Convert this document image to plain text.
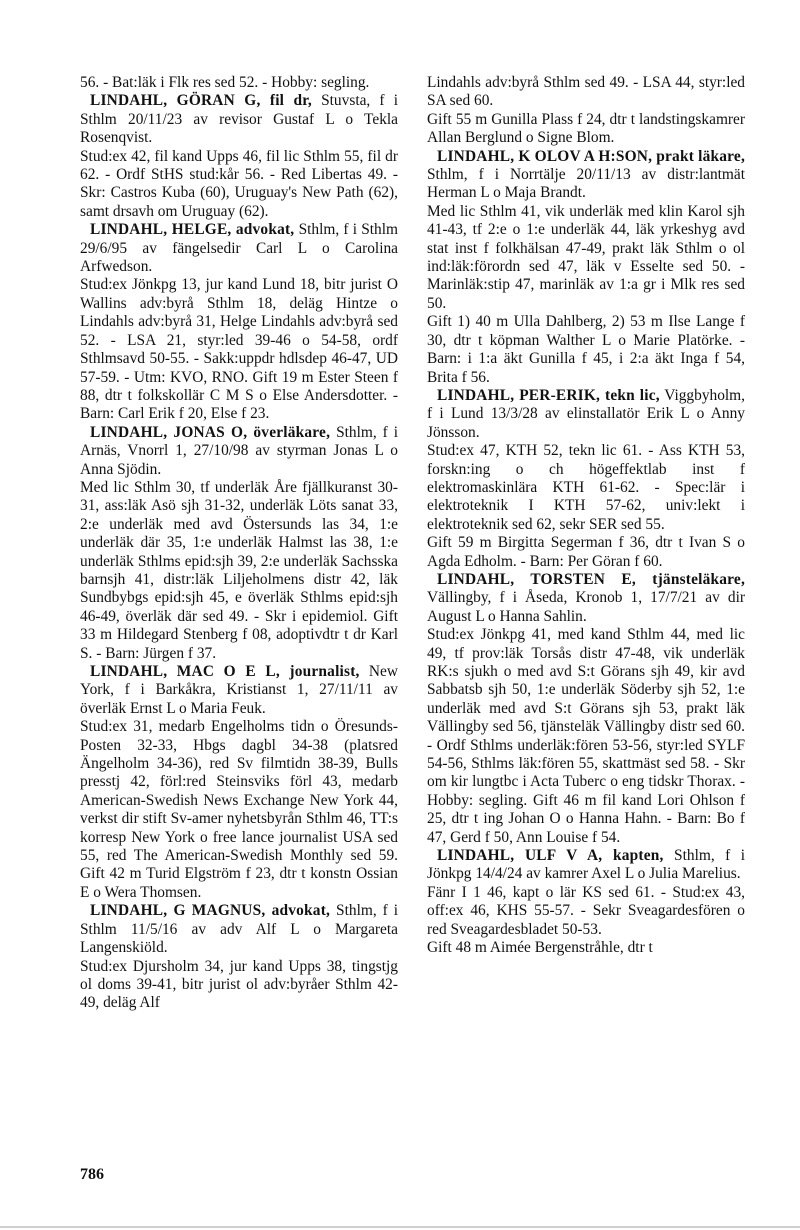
56. - Bat:läk i Flk res sed 52. - Hobby: segling.

LINDAHL, GÖRAN G, fil dr, Stuvsta, f i Sthlm 20/11/23 av revisor Gustaf L o Tekla Rosenqvist.

Stud:ex 42, fil kand Upps 46, fil lic Sthlm 55, fil dr 62. - Ordf StHS stud:kår 56. - Red Libertas 49. - Skr: Castros Kuba (60), Uruguay's New Path (62), samt drsavh om Uruguay (62).

LINDAHL, HELGE, advokat, Sthlm, f i Sthlm 29/6/95 av fängelsedir Carl L o Carolina Arfwedson.

Stud:ex Jönkpg 13, jur kand Lund 18, bitr jurist O Wallins adv:byrå Sthlm 18, deläg Hintze o Lindahls adv:byrå 31, Helge Lindahls adv:byrå sed 52. - LSA 21, styr:led 39-46 o 54-58, ordf Sthlmsavd 50-55. - Sakk:uppdr hdlsdep 46-47, UD 57-59. - Utm: KVO, RNO. Gift 19 m Ester Steen f 88, dtr t folkskollär C M S o Else Andersdotter. - Barn: Carl Erik f 20, Else f 23.

LINDAHL, JONAS O, överläkare, Sthlm, f i Arnäs, Vnorrl 1, 27/10/98 av styrman Jonas L o Anna Sjödin.

Med lic Sthlm 30, tf underläk Åre fjällkuranst 30-31, ass:läk Asö sjh 31-32, underläk Löts sanat 33, 2:e underläk med avd Östersunds las 34, 1:e underläk där 35, 1:e underläk Halmst las 38, 1:e underläk Sthlms epid:sjh 39, 2:e underläk Sachsska barnsjh 41, distr:läk Liljeholmens distr 42, läk Sundbybgs epid:sjh 45, e överläk Sthlms epid:sjh 46-49, överläk där sed 49. - Skr i epidemiol. Gift 33 m Hildegard Stenberg f 08, adoptivdtr t dr Karl S. - Barn: Jürgen f 37.

LINDAHL, MAC O E L, journalist, New York, f i Barkåkra, Kristianst 1, 27/11/11 av överläk Ernst L o Maria Feuk.

Stud:ex 31, medarb Engelholms tidn o Öresunds-Posten 32-33, Hbgs dagbl 34-38 (platsred Ängelholm 34-36), red Sv filmtidn 38-39, Bulls presstj 42, förl:red Steinsviks förl 43, medarb American-Swedish News Exchange New York 44, verkst dir stift Sv-amer nyhetsbyrån Sthlm 46, TT:s korresp New York o free lance journalist USA sed 55, red The American-Swedish Monthly sed 59. Gift 42 m Turid Elgström f 23, dtr t konstn Ossian E o Wera Thomsen.

LINDAHL, G MAGNUS, advokat, Sthlm, f i Sthlm 11/5/16 av adv Alf L o Margareta Langenskiöld.

Stud:ex Djursholm 34, jur kand Upps 38, tingstjg ol doms 39-41, bitr jurist ol adv:byråer Sthlm 42-49, deläg Alf

Lindahls adv:byrå Sthlm sed 49. - LSA 44, styr:led SA sed 60.

Gift 55 m Gunilla Plass f 24, dtr t landstingskamrer Allan Berglund o Signe Blom.

LINDAHL, K OLOV A H:SON, prakt läkare, Sthlm, f i Norrtälje 20/11/13 av distr:lantmät Herman L o Maja Brandt.

Med lic Sthlm 41, vik underläk med klin Karol sjh 41-43, tf 2:e o 1:e underläk 44, läk yrkeshyg avd stat inst f folkhälsan 47-49, prakt läk Sthlm o ol ind:läk:förordn sed 47, läk v Esselte sed 50. - Marinläk:stip 47, marinläk av 1:a gr i Mlk res sed 50.

Gift 1) 40 m Ulla Dahlberg, 2) 53 m Ilse Lange f 30, dtr t köpman Walther L o Marie Platörke. - Barn: i 1:a äkt Gunilla f 45, i 2:a äkt Inga f 54, Brita f 56.

LINDAHL, PER-ERIK, tekn lic, Viggbyholm, f i Lund 13/3/28 av elinstallatör Erik L o Anny Jönsson.

Stud:ex 47, KTH 52, tekn lic 61. - Ass KTH 53, forskn:ing o ch högeffektlab inst f elektromaskinlära KTH 61-62. - Spec:lär i elektroteknik I KTH 57-62, univ:lekt i elektroteknik sed 62, sekr SER sed 55.

Gift 59 m Birgitta Segerman f 36, dtr t Ivan S o Agda Edholm. - Barn: Per Göran f 60.

LINDAHL, TORSTEN E, tjänsteläkare, Vällingby, f i Åseda, Kronob 1, 17/7/21 av dir August L o Hanna Sahlin.

Stud:ex Jönkpg 41, med kand Sthlm 44, med lic 49, tf prov:läk Torsås distr 47-48, vik underläk RK:s sjukh o med avd S:t Görans sjh 49, kir avd Sabbatsb sjh 50, 1:e underläk Söderby sjh 52, 1:e underläk med avd S:t Görans sjh 53, prakt läk Vällingby sed 56, tjänsteläk Vällingby distr sed 60. - Ordf Sthlms underläk:fören 53-56, styr:led SYLF 54-56, Sthlms läk:fören 55, skattmäst sed 58. - Skr om kir lungtbc i Acta Tuberc o eng tidskr Thorax. - Hobby: segling. Gift 46 m fil kand Lori Ohlson f 25, dtr t ing Johan O o Hanna Hahn. - Barn: Bo f 47, Gerd f 50, Ann Louise f 54.

LINDAHL, ULF V A, kapten, Sthlm, f i Jönkpg 14/4/24 av kamrer Axel L o Julia Marelius.

Fänr I 1 46, kapt o lär KS sed 61. - Stud:ex 43, off:ex 46, KHS 55-57. - Sekr Sveagardesfören o red Sveagardesbladet 50-53.

Gift 48 m Aimée Bergenstråhle, dtr t

786
